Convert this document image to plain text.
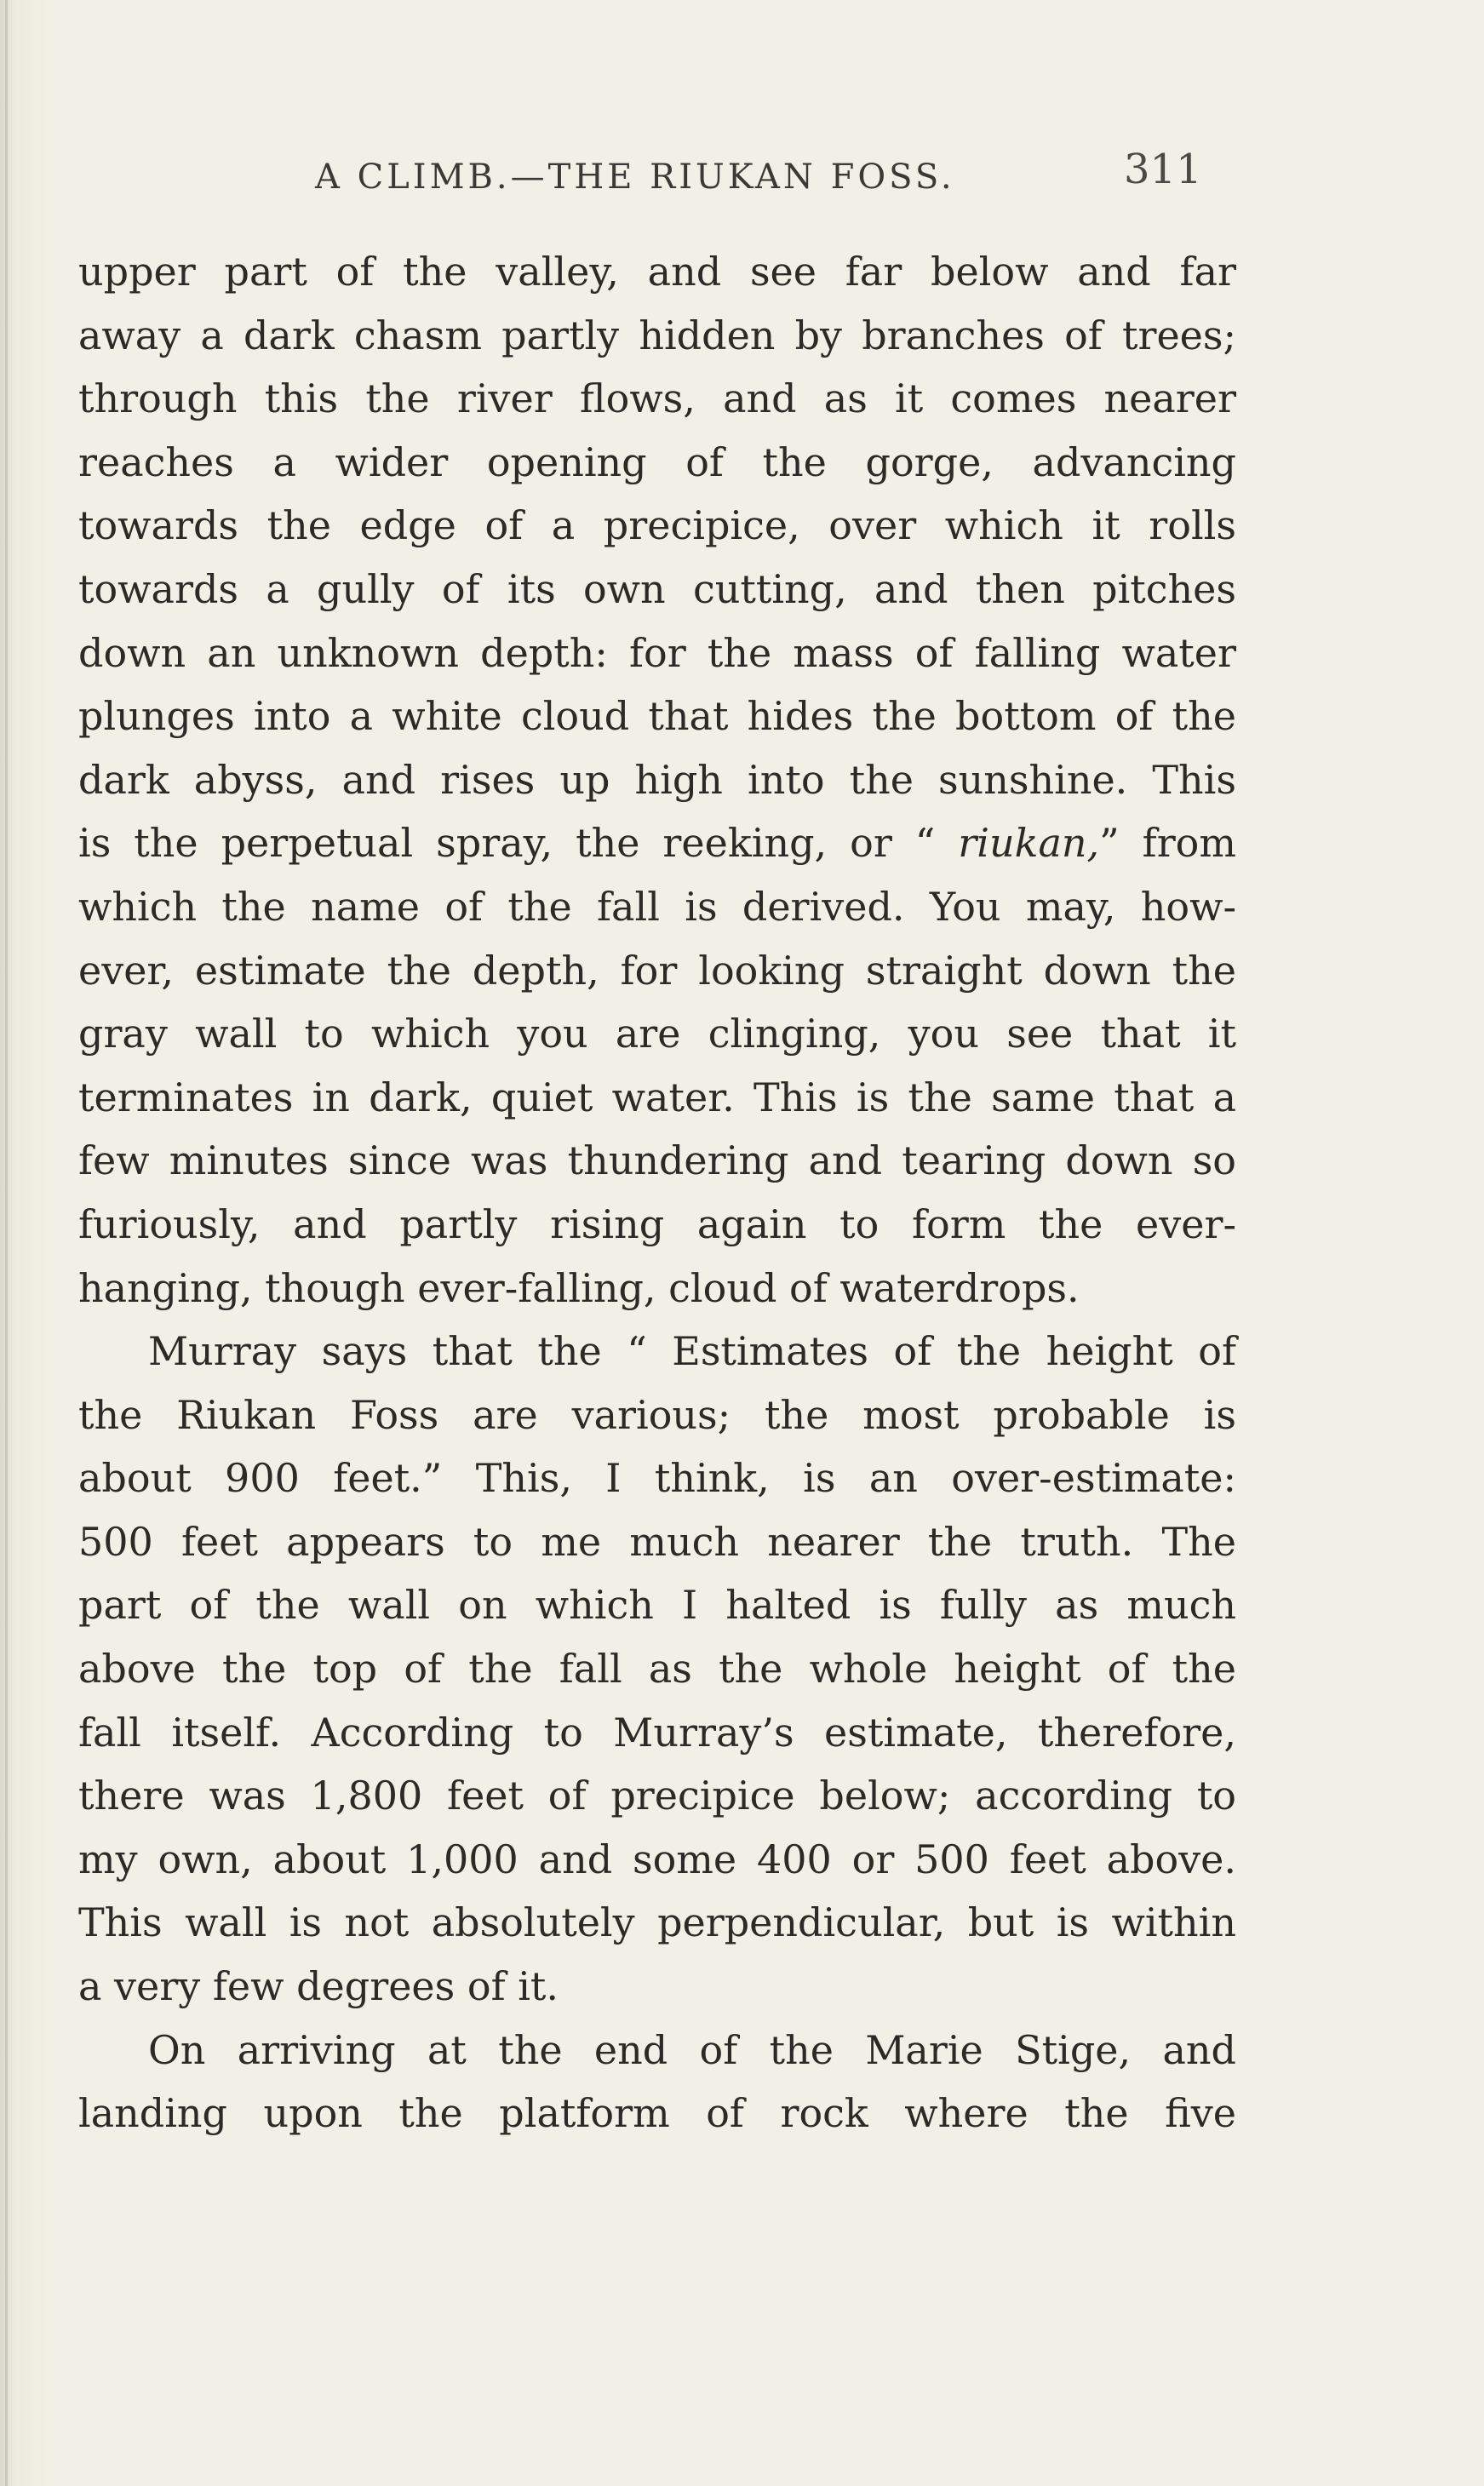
A CLIMB.—THE RIUKAN FOSS.	311
upper part of the valley, and see far below and far
away a dark chasm partly hidden by branches of trees;
through this the river flows, and as it comes nearer
reaches a wider opening of the gorge, advancing
towards the edge of a precipice, over which it rolls
towards a gully of its own cutting, and then pitches
down an unknown depth: for the mass of falling water
plunges into a white cloud that hides the bottom of the
dark abyss, and rises up high into the sunshine. This
is the perpetual spray, the reeking, or “ riukan,” from
which the name of the fall is derived. You may, how-
ever, estimate the depth, for looking straight down the
gray wall to which you are clinging, you see that it
terminates in dark, quiet water. This is the same that a
few minutes since was thundering and tearing down so
furiously, and partly rising again to form the ever-
hanging, though ever-falling, cloud of waterdrops.
Murray says that the “ Estimates of the height of
the Riukan Foss are various; the most probable is
about 900 feet.” This, I think, is an over-estimate:
500 feet appears to me much nearer the truth. The
part of the wall on which I halted is fully as much
above the top of the fall as the whole height of the
fall itself. According to Murray’s estimate, therefore,
there was 1,800 feet of precipice below; according to
my own, about 1,000 and some 400 or 500 feet above.
This wall is not absolutely perpendicular, but is within
a very few degrees of it.
On arriving at the end of the Marie Stige, and
landing upon the platform of rock where the five
